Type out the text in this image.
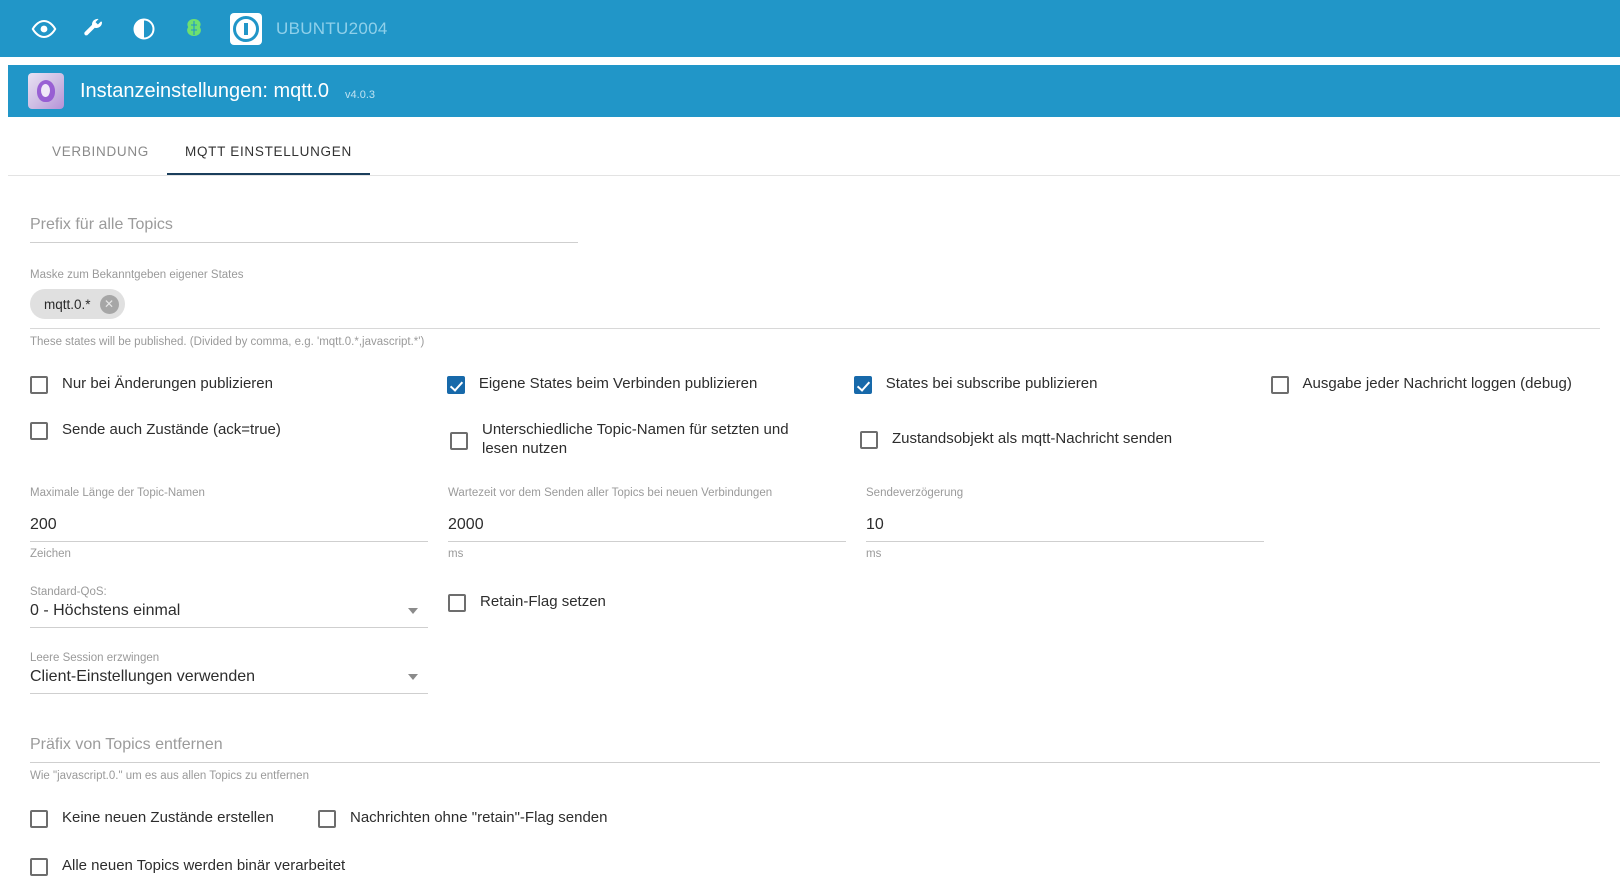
UBUNTU2004
Instanzeinstellungen: mqtt.0 v4.0.3
VERBINDUNG	MQTT EINSTELLUNGEN
Prefix für alle Topics
Maske zum Bekanntgeben eigener States
mqtt.0.*	✕
These states will be published. (Divided by comma, e.g. 'mqtt.0.*,javascript.*')
Nur bei Änderungen publizieren	Eigene States beim Verbinden publizieren	States bei subscribe publizieren	Ausgabe jeder Nachricht loggen (debug)
Sende auch Zustände (ack=true)	Unterschiedliche Topic-Namen für setzten und lesen nutzen
Zustandsobjekt als mqtt-Nachricht senden
Maximale Länge der Topic-Namen
200
Zeichen
Wartezeit vor dem Senden aller Topics bei neuen Verbindungen
2000
ms
Sendeverzögerung
10
ms
Standard-QoS:
0 - Höchstens einmal
Leere Session erzwingen
Client-Einstellungen verwenden
Retain-Flag setzen
Präfix von Topics entfernen
Wie "javascript.0." um es aus allen Topics zu entfernen
Keine neuen Zustände erstellen	Nachrichten ohne "retain"-Flag senden
Alle neuen Topics werden binär verarbeitet
